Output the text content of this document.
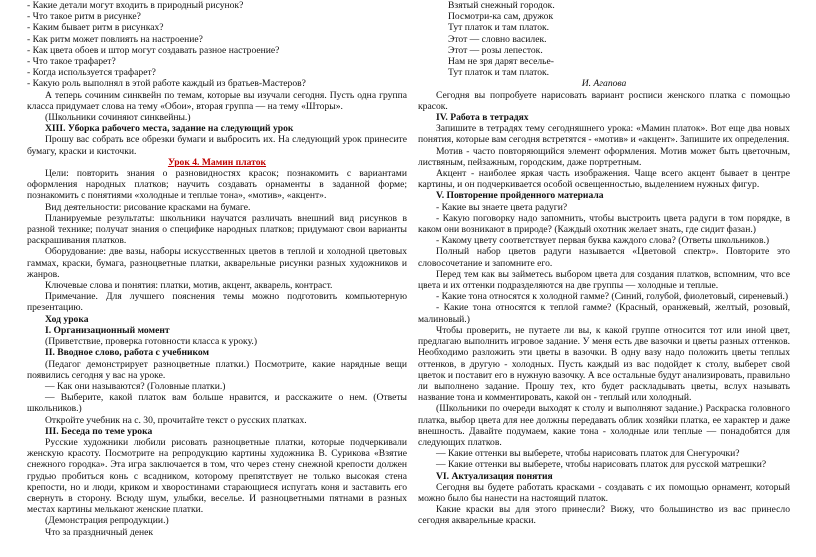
- Какие детали могут входить в природный рисунок?

- Что такое ритм в рисунке?

- Каким бывает ритм в рисунках?

- Как ритм может повлиять на настроение?

- Как цвета обоев и штор могут создавать разное настроение?

- Что такое трафарет?

- Когда используется трафарет?

- Какую роль выполнял в этой работе каждый из братьев-Мастеров?

А теперь сочиним синквейн по темам, которые вы изучали сегодня. Пусть одна группа класса придумает слова на тему «Обои», вторая группа — на тему «Шторы».

(Школьники сочиняют синквейны.)

XIII. Уборка рабочего места, задание на следующий урок

Прошу вас собрать все обрезки бумаги и выбросить их. На следующий урок принесите бумагу, краски и кисточки.

Урок 4. Мамин платок

Цели: повторить знания о разновидностях красок; познакомить с вариантами оформления народных платков; научить создавать орнаменты в заданной форме; познакомить с понятиями «холодные и теплые тона», «мотив», «акцент».

Вид деятельности: рисование красками на бумаге.

Планируемые результаты: школьники научатся различать внешний вид рисунков в разной технике; получат знания о специфике народных платков; придумают свои варианты раскрашивания платков.

Оборудование: две вазы, наборы искусственных цветов в теплой и холодной цветовых гаммах, краски, бумага, разноцветные платки, акварельные рисунки разных художников и жанров.

Ключевые слова и понятия: платки, мотив, акцент, акварель, контраст.

Примечание. Для лучшего пояснения темы можно подготовить компьютерную презентацию.

Ход урока

I. Организационный момент

(Приветствие, проверка готовности класса к уроку.)

II. Вводное слово, работа с учебником

(Педагог демонстрирует разноцветные платки.) Посмотрите, какие нарядные вещи появились сегодня у вас на уроке.

— Как они называются? (Головные платки.)

— Выберите, какой платок вам больше нравится, и расскажите о нем. (Ответы школьников.)

Откройте учебник на с. 30, прочитайте текст о русских платках.

III. Беседа по теме урока

Русские художники любили рисовать разноцветные платки, которые подчеркивали женскую красоту. Посмотрите на репродукцию картины художника В. Сурикова «Взятие снежного городка». Эта игра заключается в том, что через стену снежной крепости должен грудью пробиться конь с всадником, которому препятствует не только высокая стена крепости, но и люди, криком и хворостинами старающиеся испугать коня и заставить его свернуть в сторону. Всюду шум, улыбки, веселье. И разноцветными пятнами в разных местах картины мелькают женские платки.

(Демонстрация репродукции.)

Что за праздничный денек

Взятый снежный городок.

Посмотри-ка сам, дружок

Тут платок и там платок.

Этот — словно василек.

Этот — розы лепесток.

Нам не зря дарят веселье-

Тут платок и там платок.

И. Агапова

Сегодня вы попробуете нарисовать вариант росписи женского платка с помощью красок.

IV. Работа в тетрадях

Запишите в тетрадях тему сегодняшнего урока: «Мамин платок». Вот еще два новых понятия, которые вам сегодня встретятся - «мотив» и «акцент». Запишите их определения.

Мотив - часто повторяющийся элемент оформления. Мотив может быть цветочным, листвяным, пейзажным, городским, даже портретным.

Акцент - наиболее яркая часть изображения. Чаще всего акцент бывает в центре картины, и он подчеркивается особой освещенностью, выделением нужных фигур.

V. Повторение пройденного материала

- Какие вы знаете цвета радуги?

- Какую поговорку надо запомнить, чтобы выстроить цвета радуги в том порядке, в каком они возникают в природе? (Каждый охотник желает знать, где сидит фазан.)

- Какому цвету соответствует первая буква каждого слова? (Ответы школьников.)

Полный набор цветов радуги называется «Цветовой спектр». Повторите это словосочетание и запомните его.

Перед тем как вы займетесь выбором цвета для создания платков, вспомним, что все цвета и их оттенки подразделяются на две группы — холодные и теплые.

- Какие тона относятся к холодной гамме? (Синий, голубой, фиолетовый, сиреневый.)

- Какие тона относятся к теплой гамме? (Красный, оранжевый, желтый, розовый, малиновый.)

Чтобы проверить, не путаете ли вы, к какой группе относится тот или иной цвет, предлагаю выполнить игровое задание. У меня есть две вазочки и цветы разных оттенков. Необходимо разложить эти цветы в вазочки. В одну вазу надо положить цветы теплых оттенков, в другую - холодных. Пусть каждый из вас подойдет к столу, выберет свой цветок и поставит его в нужную вазочку. А все остальные будут анализировать, правильно ли выполнено задание. Прошу тех, кто будет раскладывать цветы, вслух называть название тона и комментировать, какой он - теплый или холодный.

(Школьники по очереди выходят к столу и выполняют задание.) Раскраска головного платка, выбор цвета для нее должны передавать облик хозяйки платка, ее характер и даже внешность. Давайте подумаем, какие тона - холодные или теплые — понадобятся для следующих платков.

— Какие оттенки вы выберете, чтобы нарисовать платок для Снегурочки?

— Какие оттенки вы выберете, чтобы нарисовать платок для русской матрешки?

VI. Актуализация понятия

Сегодня вы будете работать красками - создавать с их помощью орнамент, который можно было бы нанести на настоящий платок.

Какие краски вы для этого принесли? Вижу, что большинство из вас принесло сегодня акварельные краски.
